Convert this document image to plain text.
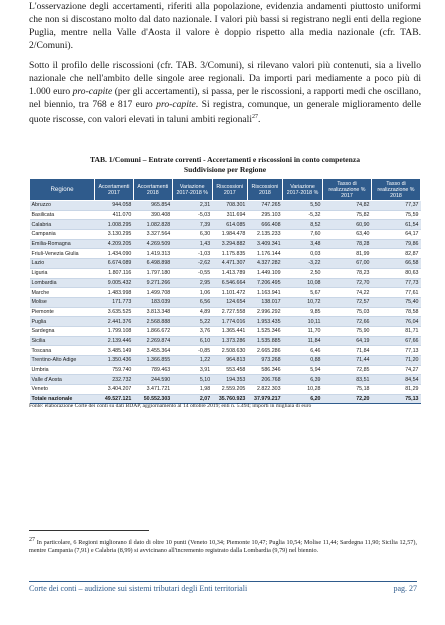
L'osservazione degli accertamenti, riferiti alla popolazione, evidenzia andamenti piuttosto uniformi che non si discostano molto dal dato nazionale. I valori più bassi si registrano negli enti della regione Puglia, mentre nella Valle d'Aosta il valore è doppio rispetto alla media nazionale (cfr. TAB. 2/Comuni).

Sotto il profilo delle riscossioni (cfr. TAB. 3/Comuni), si rilevano valori più contenuti, sia a livello nazionale che nell'ambito delle singole aree regionali. Da importi pari mediamente a poco più di 1.000 euro pro-capite (per gli accertamenti), si passa, per le riscossioni, a rapporti medi che oscillano, nel biennio, tra 768 e 817 euro pro-capite. Si registra, comunque, un generale miglioramento delle quote riscosse, con valori elevati in taluni ambiti regionali$^{27}$.

TAB. 1/Comuni – Entrate correnti - Accertamenti e riscossioni in conto competenza
Suddivisione per Regione
Regione	Accertamenti 2017	Accertamenti 2018	Variazione 2017-2018 %	Riscossioni 2017	Riscossioni 2018	Variazione 2017-2018 %	Tasso di realizzazione % 2017	Tasso di realizzazione % 2018
Abruzzo	944.058	965.854	2,31	708.301	747.265	5,50	74,82	77,37
Basilicata	411.070	390.408	-5,03	311.694	295.103	-5,32	75,82	75,59
Calabria	1.008.295	1.082.828	7,39	614.085	666.408	8,52	60,90	61,54
Campania	3.130.295	3.327.564	6,30	1.984.478	2.135.233	7,60	63,40	64,17
Emilia-Romagna	4.209.205	4.269.509	1,43	3.294.882	3.409.341	3,48	78,28	79,86
Friuli-Venezia Giulia	1.434.090	1.419.313	-1,03	1.175.835	1.176.144	0,03	81,99	82,87
Lazio	6.674.089	6.498.898	-2,62	4.471.307	4.327.282	-3,22	67,00	66,58
Liguria	1.807.116	1.797.180	-0,55	1.413.789	1.449.109	2,50	78,23	80,63
Lombardia	9.005.432	9.271.266	2,95	6.546.664	7.206.495	10,08	72,70	77,73
Marche	1.483.998	1.499.708	1,06	1.101.472	1.163.941	5,67	74,22	77,61
Molise	171.773	183.039	6,56	124.654	138.017	10,72	72,57	75,40
Piemonte	3.635.525	3.813.348	4,89	2.727.558	2.996.292	9,85	75,03	78,58
Puglia	2.441.376	2.568.888	5,22	1.774.016	1.953.435	10,11	72,66	76,04
Sardegna	1.799.108	1.866.672	3,76	1.365.441	1.525.346	11,70	75,90	81,71
Sicilia	2.139.446	2.269.874	6,10	1.373.286	1.535.885	11,84	64,19	67,66
Toscana	3.485.149	3.455.364	-0,85	2.508.630	2.665.286	6,46	71,84	77,13
Trentino-Alto Adige	1.350.436	1.366.855	1,22	964.813	973.268	0,88	71,44	71,20
Umbria	759.740	789.463	3,91	553.458	586.346	5,94	72,85	74,27
Valle d'Aosta	232.732	244.590	5,10	194.353	206.768	6,39	83,51	84,54
Veneto	3.404.207	3.471.721	1,98	2.559.205	2.822.303	10,28	75,18	81,29
Totale nazionale	49.527.121	50.552.303	2,07	35.760.923	37.979.217	6,20	72,20	75,13
Fonte: elaborazione Corte dei conti su dati BDAP, aggiornamento al 14 ottobre 2019; enti n. 5.494; importi in migliaia di euro

$^{27}$ In particolare, 6 Regioni migliorano il dato di oltre 10 punti (Veneto 10,34; Piemonte 10,47; Puglia 10,54; Molise 11,44; Sardegna 11,90; Sicilia 12,57), mentre Campania (7,91) e Calabria (8,99) si avvicinano all'incremento registrato dalla Lombardia (9,79) nel biennio.

Corte dei conti – audizione sui sistemi tributari degli Enti territoriali	pag. 27
